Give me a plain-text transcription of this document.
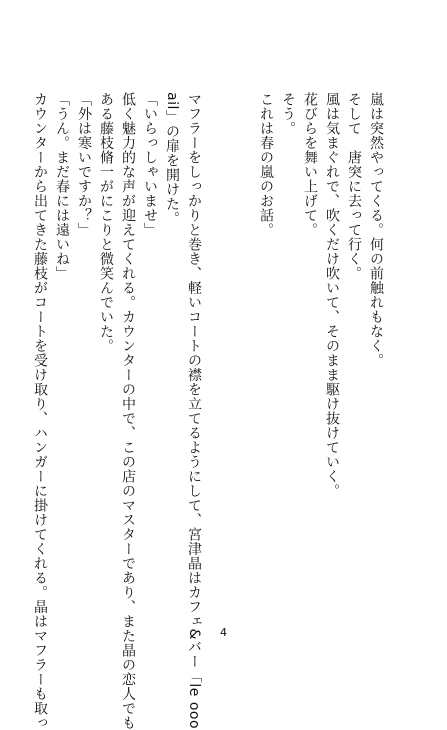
嵐は突然やってくる。何の前触れもなく。
そして　唐突に去って行く。
風は気まぐれで、吹くだけ吹いて、そのまま駆け抜けていく。
花びらを舞い上げて。
そう。
これは春の嵐のお話。
マフラーをしっかりと巻き、軽いコートの襟を立てるようにして、宮津晶はカフェ&バー「le ooo
ail」の扉を開けた。
「いらっしゃいませ」
低く魅力的な声が迎えてくれる。カウンターの中で、この店のマスターであり、また晶の恋人でも
ある藤枝脩一がにこりと微笑んでいた。
「外は寒いですか？」
「うん。まだ春には遠いね」
カウンターから出てきた藤枝がコートを受け取り、ハンガーに掛けてくれる。晶はマフラーも取っ	4
